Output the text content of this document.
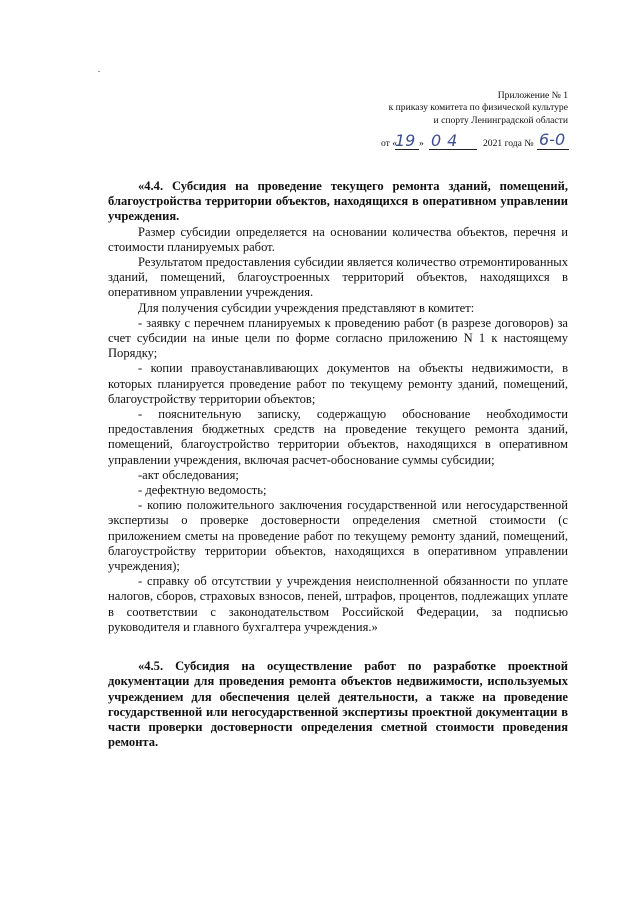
Приложение № 1
к приказу комитета по физической культуре
и спорту Ленинградской области
от «
19 » 04 2021 года № 6-0

«4.4. Субсидия на проведение текущего ремонта зданий, помещений, благоустройства территории объектов, находящихся в оперативном управлении учреждения.

Размер субсидии определяется на основании количества объектов, перечня и стоимости планируемых работ.

Результатом предоставления субсидии является количество отремонтированных зданий, помещений, благоустроенных территорий объектов, находящихся в оперативном управлении учреждения.

Для получения субсидии учреждения представляют в комитет:

- заявку с перечнем планируемых к проведению работ (в разрезе договоров) за счет субсидии на иные цели по форме согласно приложению N 1 к настоящему Порядку;

- копии правоустанавливающих документов на объекты недвижимости, в которых планируется проведение работ по текущему ремонту зданий, помещений, благоустройству территории объектов;

- пояснительную записку, содержащую обоснование необходимости предоставления бюджетных средств на проведение текущего ремонта зданий, помещений, благоустройство территории объектов, находящихся в оперативном управлении учреждения, включая расчет-обоснование суммы субсидии;

-акт обследования;

- дефектную ведомость;

- копию положительного заключения государственной или негосударственной экспертизы о проверке достоверности определения сметной стоимости (с приложением сметы на проведение работ по текущему ремонту зданий, помещений, благоустройству территории объектов, находящихся в оперативном управлении учреждения);

- справку об отсутствии у учреждения неисполненной обязанности по уплате налогов, сборов, страховых взносов, пеней, штрафов, процентов, подлежащих уплате в соответствии с законодательством Российской Федерации, за подписью руководителя и главного бухгалтера учреждения.»

«4.5. Субсидия на осуществление работ по разработке проектной документации для проведения ремонта объектов недвижимости, используемых учреждением для обеспечения целей деятельности, а также на проведение государственной или негосударственной экспертизы проектной документации в части проверки достоверности определения сметной стоимости проведения ремонта.
